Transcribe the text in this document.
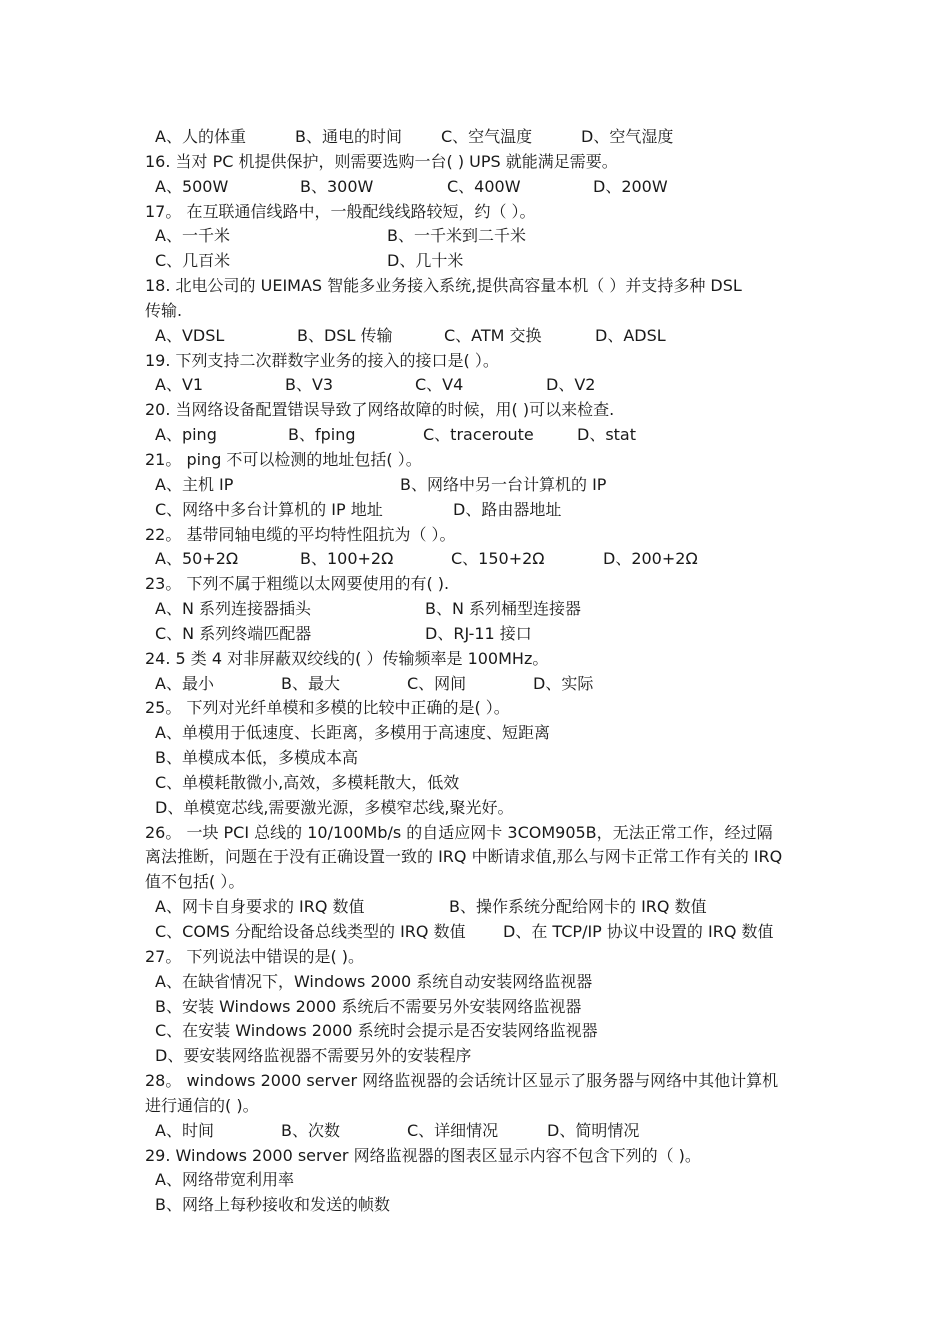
A、人的体重	B、通电的时间 C、空气温度	D、空气湿度
16. 当对 PC 机提供保护，则需要选购一台( ) UPS 就能满足需要。
A、500W	B、300W	C、400W	D、200W
17。 在互联通信线路中，一般配线线路较短，约（ ）。
A、一千米	B、一千米到二千米
C、几百米	D、几十米
18. 北电公司的 UEIMAS 智能多业务接入系统,提供高容量本机（ ）并支持多种 DSL
传输.
A、VDSL	B、DSL 传输	C、ATM 交换	D、ADSL
19. 下列支持二次群数字业务的接入的接口是( ）。
A、V1	B、V3	C、V4	D、V2
20. 当网络设备配置错误导致了网络故障的时候，用( )可以来检查.
A、ping	B、fping	C、traceroute	D、stat
21。 ping 不可以检测的地址包括( ）。
A、主机 IP	B、网络中另一台计算机的 IP
C、网络中多台计算机的 IP 地址	D、路由器地址
22。 基带同轴电缆的平均特性阻抗为（ ）。
A、50+2Ω	B、100+2Ω	C、150+2Ω	D、200+2Ω
23。 下列不属于粗缆以太网要使用的有( ).
A、N 系列连接器插头	B、N 系列桶型连接器
C、N 系列终端匹配器	D、RJ-11 接口
24. 5 类 4 对非屏蔽双绞线的( ）传输频率是 100MHz。
A、最小	B、最大	C、网间	D、实际
25。 下列对光纤单模和多模的比较中正确的是( ）。
A、单模用于低速度、长距离，多模用于高速度、短距离
B、单模成本低，多模成本高
C、单模耗散微小,高效，多模耗散大，低效
D、单模宽芯线,需要激光源，多模窄芯线,聚光好。
26。 一块 PCI 总线的 10/100Mb/s 的自适应网卡 3COM905B，无法正常工作，经过隔
离法推断，问题在于没有正确设置一致的 IRQ 中断请求值,那么与网卡正常工作有关的 IRQ
值不包括( ）。
A、网卡自身要求的 IRQ 数值	B、操作系统分配给网卡的 IRQ 数值
C、COMS 分配给设备总线类型的 IRQ 数值 D、在 TCP/IP 协议中设置的 IRQ 数值
27。 下列说法中错误的是( )。
A、在缺省情况下，Windows 2000 系统自动安装网络监视器
B、安装 Windows 2000 系统后不需要另外安装网络监视器
C、在安装 Windows 2000 系统时会提示是否安装网络监视器
D、要安装网络监视器不需要另外的安装程序
28。 windows 2000 server 网络监视器的会话统计区显示了服务器与网络中其他计算机
进行通信的( )。
A、时间	B、次数	C、详细情况	D、简明情况
29. Windows 2000 server 网络监视器的图表区显示内容不包含下列的（ )。
A、网络带宽利用率
B、网络上每秒接收和发送的帧数
